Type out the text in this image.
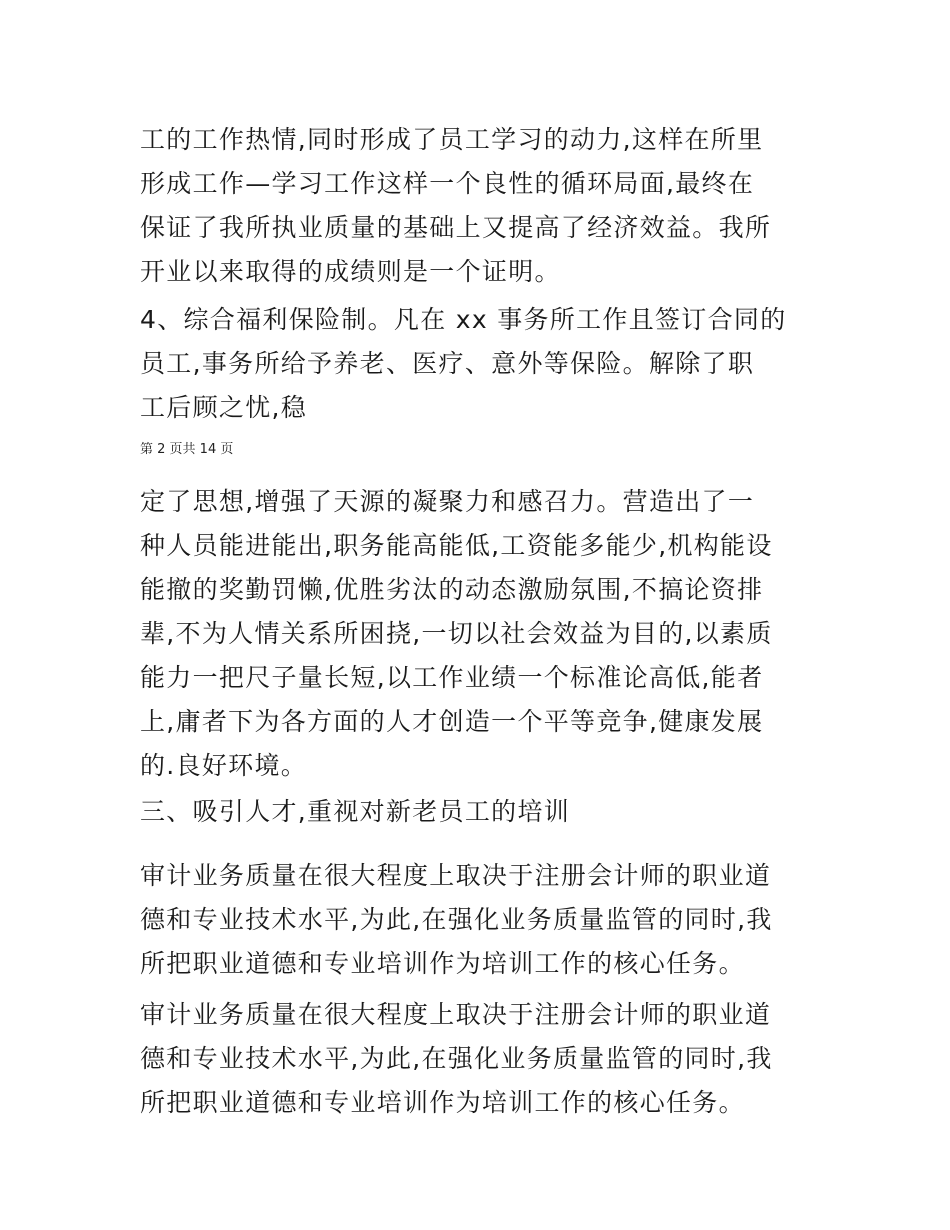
工的工作热情,同时形成了员工学习的动力,这样在所里
形成工作—学习工作这样一个良性的循环局面,最终在
保证了我所执业质量的基础上又提高了经济效益。我所
开业以来取得的成绩则是一个证明。

4、综合福利保险制。凡在 xx 事务所工作且签订合同的
员工,事务所给予养老、医疗、意外等保险。解除了职
工后顾之忧,稳

第 2 页共 14 页

定了思想,增强了天源的凝聚力和感召力。营造出了一
种人员能进能出,职务能高能低,工资能多能少,机构能设
能撤的奖勤罚懒,优胜劣汰的动态激励氛围,不搞论资排
辈,不为人情关系所困挠,一切以社会效益为目的,以素质
能力一把尺子量长短,以工作业绩一个标准论高低,能者
上,庸者下为各方面的人才创造一个平等竞争,健康发展
的.良好环境。

三、吸引人才,重视对新老员工的培训

审计业务质量在很大程度上取决于注册会计师的职业道
德和专业技术水平,为此,在强化业务质量监管的同时,我
所把职业道德和专业培训作为培训工作的核心任务。

审计业务质量在很大程度上取决于注册会计师的职业道
德和专业技术水平,为此,在强化业务质量监管的同时,我
所把职业道德和专业培训作为培训工作的核心任务。
